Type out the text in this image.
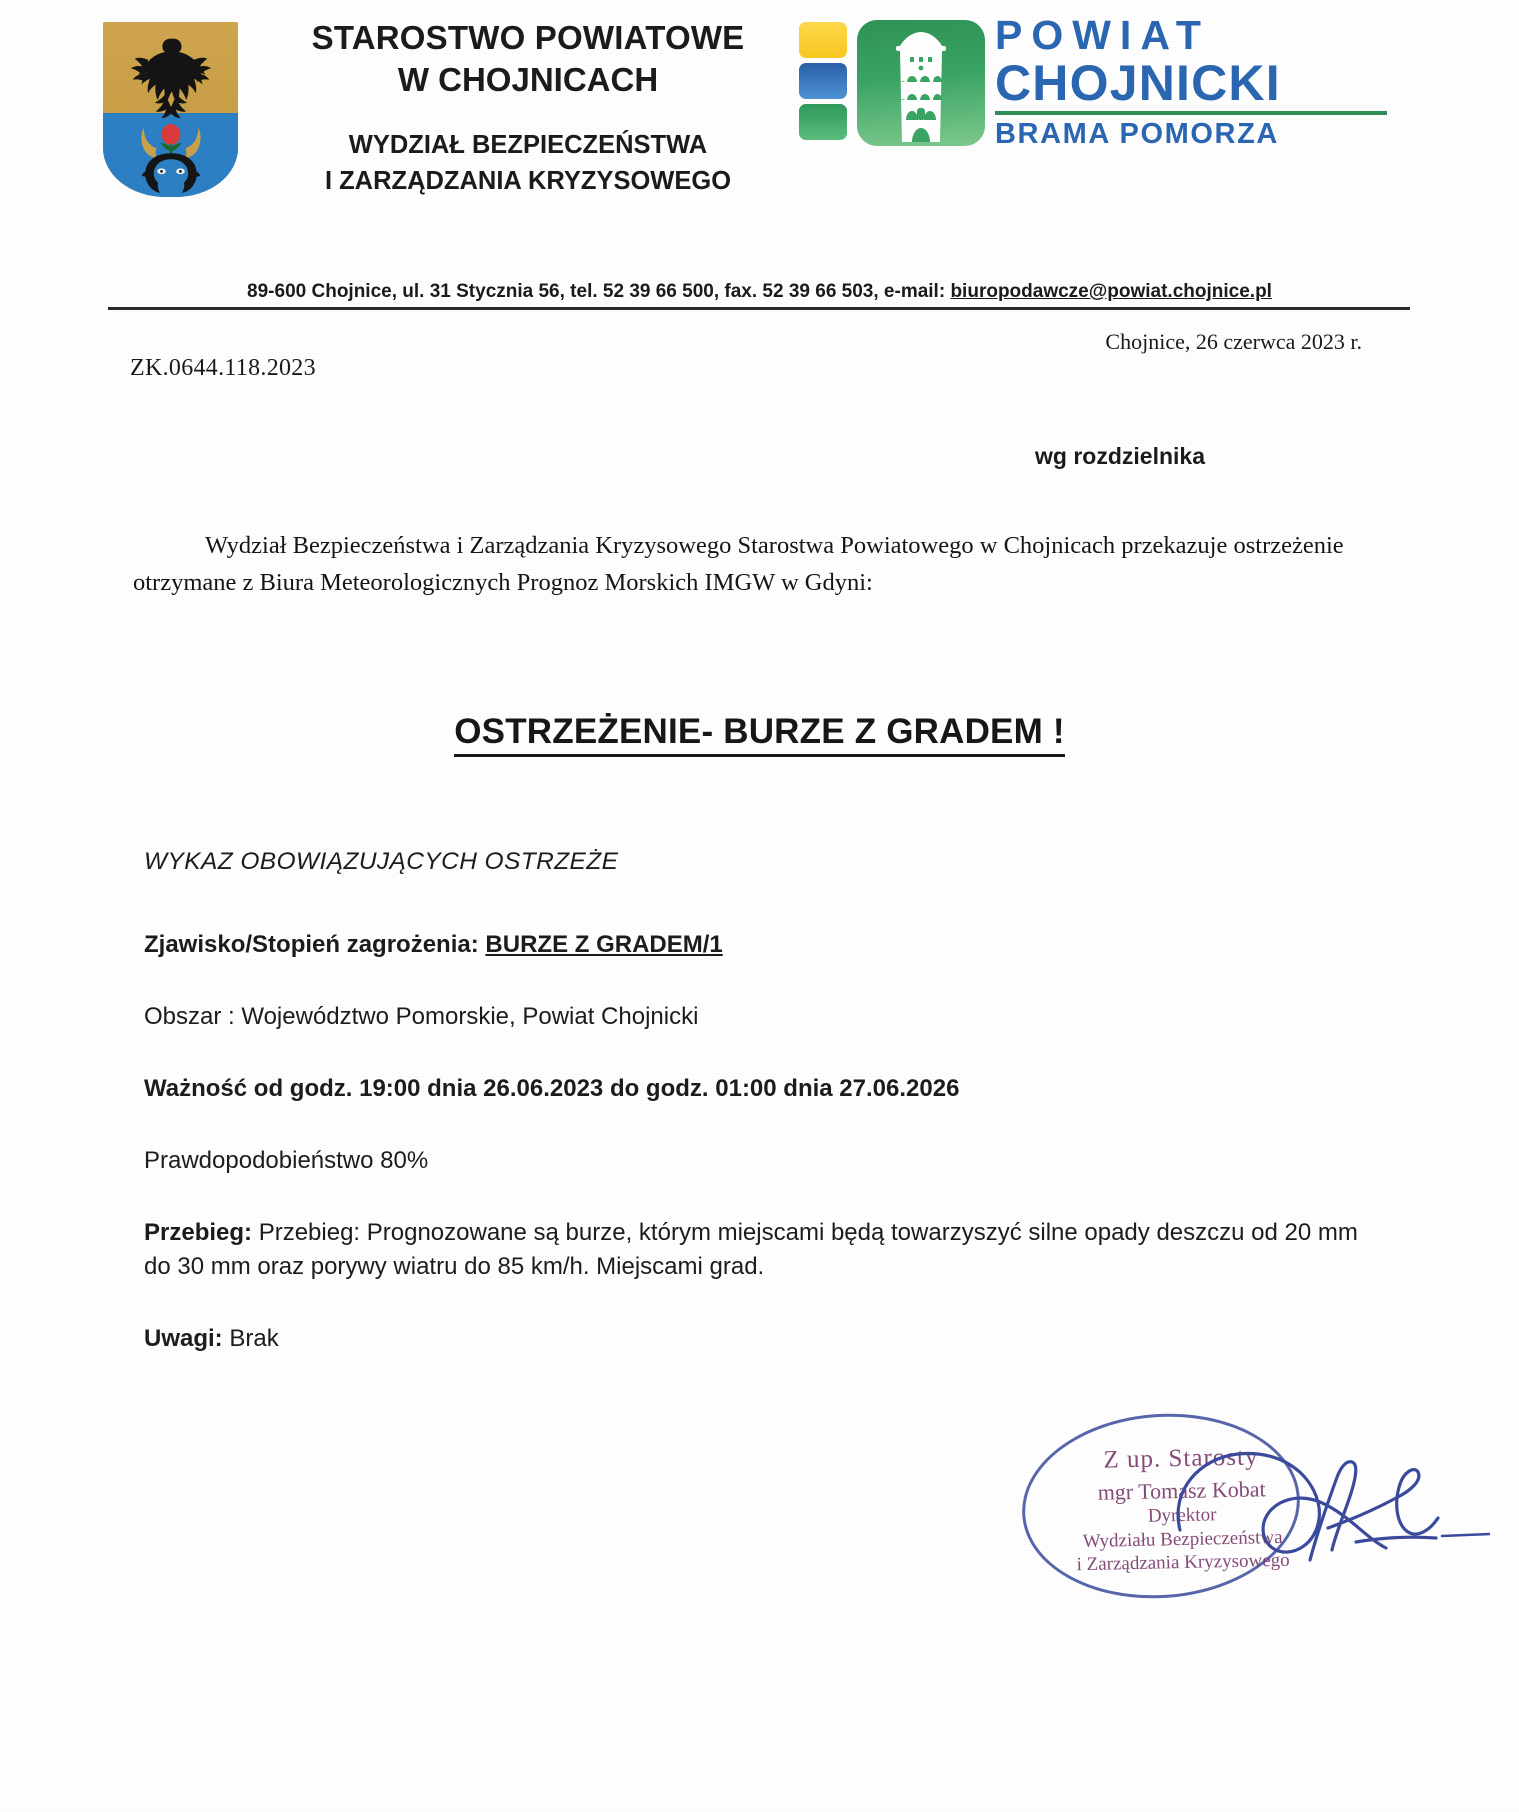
STAROSTWO POWIATOWE
W CHOJNICACH
WYDZIAŁ BEZPIECZEŃSTWA
I ZARZĄDZANIA KRYZYSOWEGO
POWIAT
CHOJNICKI
BRAMA POMORZA
89-600 Chojnice, ul. 31 Stycznia 56, tel. 52 39 66 500, fax. 52 39 66 503, e-mail: biuropodawcze@powiat.chojnice.pl
Chojnice, 26 czerwca 2023 r.
ZK.0644.118.2023
wg rozdzielnika
Wydział Bezpieczeństwa i Zarządzania Kryzysowego Starostwa Powiatowego w Chojnicach przekazuje ostrzeżenie otrzymane z Biura Meteorologicznych Prognoz Morskich IMGW w Gdyni:
OSTRZEŻENIE- BURZE Z GRADEM !
WYKAZ OBOWIĄZUJĄCYCH OSTRZEŻE
Zjawisko/Stopień zagrożenia: BURZE Z GRADEM/1
Obszar : Województwo Pomorskie, Powiat Chojnicki
Ważność od godz. 19:00 dnia 26.06.2023 do godz. 01:00 dnia 27.06.2026
Prawdopodobieństwo 80%
Przebieg: Przebieg: Prognozowane są burze, którym miejscami będą towarzyszyć silne opady deszczu od 20 mm do 30 mm oraz porywy wiatru do 85 km/h. Miejscami grad.
Uwagi: Brak
Z up. Starosty
mgr Tomasz Kobat
Dyrektor
Wydziału Bezpieczeństwa
i Zarządzania Kryzysowego
